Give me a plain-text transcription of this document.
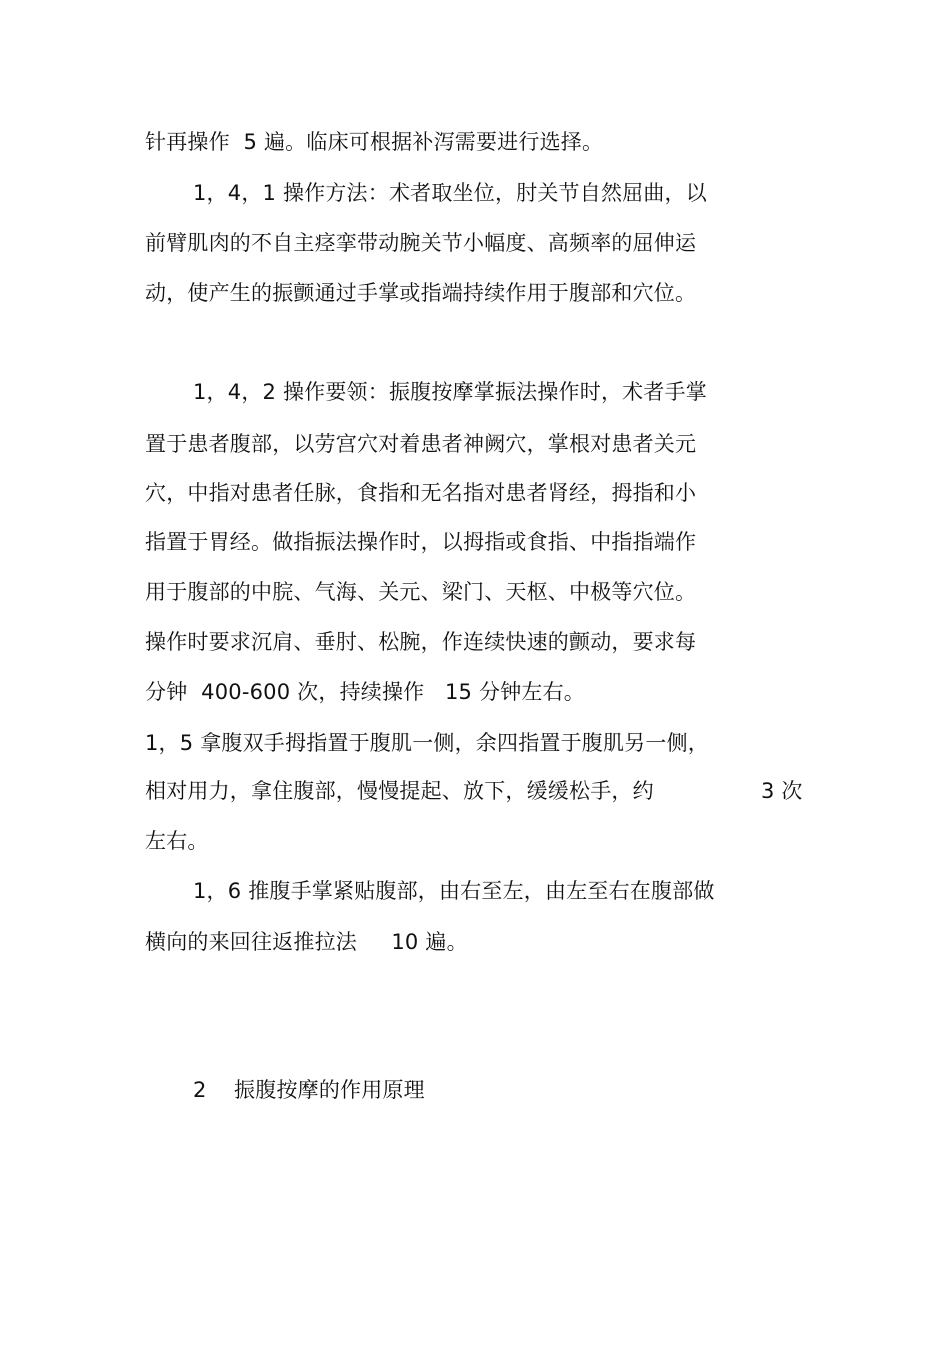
针再操作  5 遍。临床可根据补泻需要进行选择。
1，4，1 操作方法：术者取坐位，肘关节自然屈曲，以
前臂肌肉的不自主痉挛带动腕关节小幅度、高频率的屈伸运
动，使产生的振颤通过手掌或指端持续作用于腹部和穴位。
1，4，2 操作要领：振腹按摩掌振法操作时，术者手掌
置于患者腹部，以劳宫穴对着患者神阙穴，掌根对患者关元
穴，中指对患者任脉，食指和无名指对患者肾经，拇指和小
指置于胃经。做指振法操作时，以拇指或食指、中指指端作
用于腹部的中脘、气海、关元、梁门、天枢、中极等穴位。
操作时要求沉肩、垂肘、松腕，作连续快速的颤动，要求每
分钟  400-600 次，持续操作   15 分钟左右。
1，5 拿腹双手拇指置于腹肌一侧，余四指置于腹肌另一侧，
相对用力，拿住腹部，慢慢提起、放下，缓缓松手，约	3 次
左右。
1，6 推腹手掌紧贴腹部，由右至左，由左至右在腹部做
横向的来回往返推拉法     10 遍。
2    振腹按摩的作用原理
